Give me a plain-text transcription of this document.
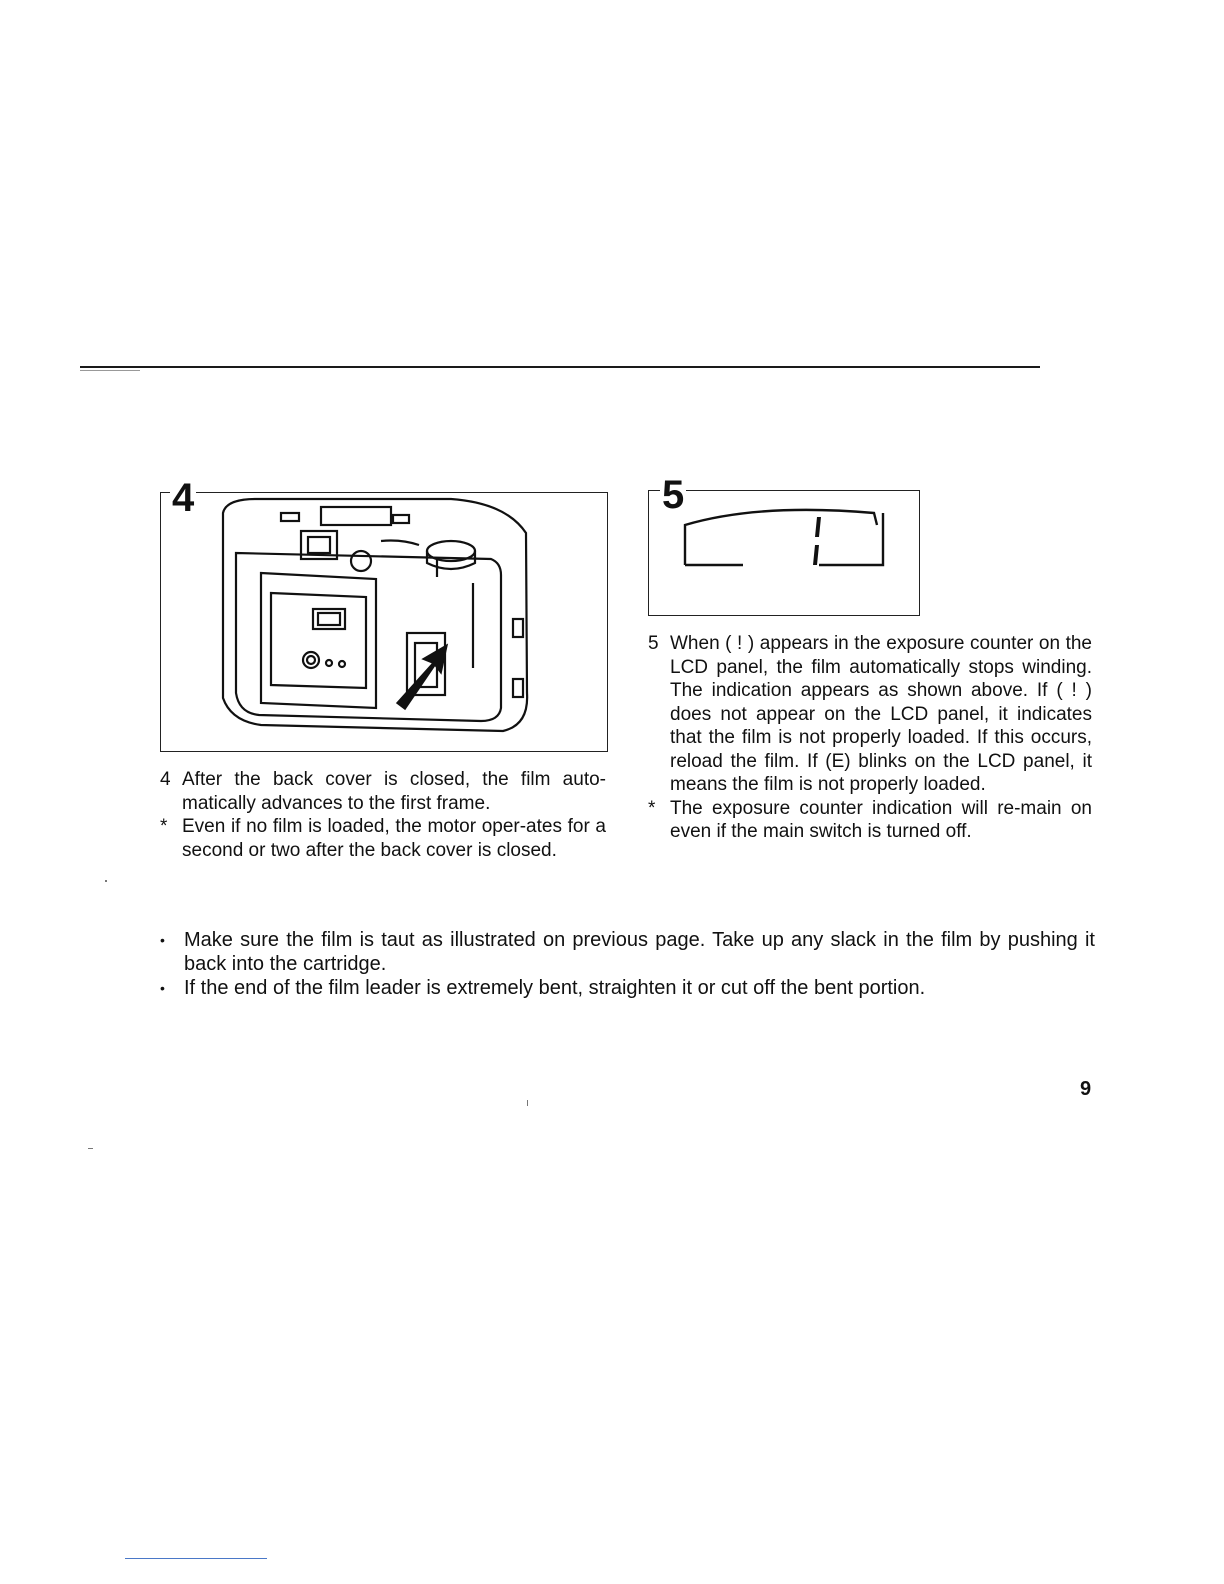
4	5
4 After the back cover is closed, the film auto-matically advances to the first frame.
* Even if no film is loaded, the motor oper-ates for a second or two after the back cover is closed.
5 When ( ! ) appears in the exposure counter on the LCD panel, the film automatically stops winding. The indication appears as shown above. If ( ! ) does not appear on the LCD panel, it indicates that the film is not properly loaded. If this occurs, reload the film. If (E) blinks on the LCD panel, it means the film is not properly loaded.
* The exposure counter indication will re-main on even if the main switch is turned off.
• Make sure the film is taut as illustrated on previous page. Take up any slack in the film by pushing it back into the cartridge.
• If the end of the film leader is extremely bent, straighten it or cut off the bent portion.
9
